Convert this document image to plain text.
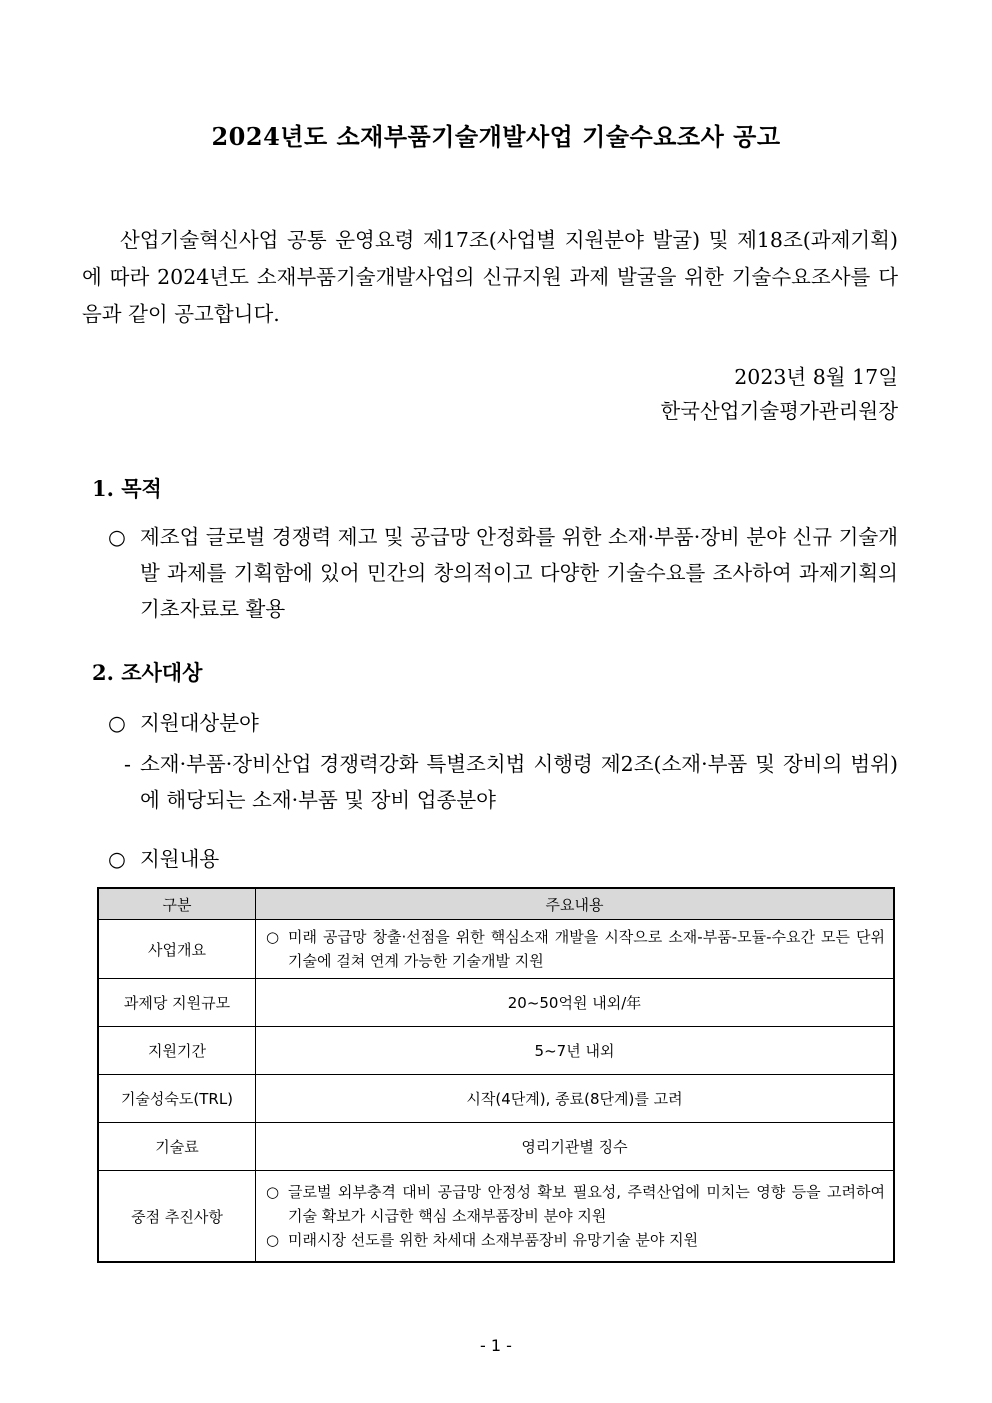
2024년도 소재부품기술개발사업 기술수요조사 공고
산업기술혁신사업 공통 운영요령 제17조(사업별 지원분야 발굴) 및 제18조(과제기획)에 따라 2024년도 소재부품기술개발사업의 신규지원 과제 발굴을 위한 기술수요조사를 다음과 같이 공고합니다.
2023년 8월 17일
한국산업기술평가관리원장
1. 목적
○ 제조업 글로벌 경쟁력 제고 및 공급망 안정화를 위한 소재·부품·장비 분야 신규 기술개발 과제를 기획함에 있어 민간의 창의적이고 다양한 기술수요를 조사하여 과제기획의 기초자료로 활용
2. 조사대상
○ 지원대상분야
- 소재·부품·장비산업 경쟁력강화 특별조치법 시행령 제2조(소재·부품 및 장비의 범위)에 해당되는 소재·부품 및 장비 업종분야
○ 지원내용
구분	주요내용
사업개요	○ 미래 공급망 창출·선점을 위한 핵심소재 개발을 시작으로 소재-부품-모듈-수요간 모든 단위기술에 걸쳐 연계 가능한 기술개발 지원

과제당 지원규모	20~50억원 내외/年
지원기간	5~7년 내외
기술성숙도(TRL)	시작(4단계), 종료(8단계)를 고려
기술료	영리기관별 징수
중점 추진사항	○ 글로벌 외부충격 대비 공급망 안정성 확보 필요성, 주력산업에 미치는 영향 등을 고려하여 기술 확보가 시급한 핵심 소재부품장비 분야 지원
○ 미래시장 선도를 위한 차세대 소재부품장비 유망기술 분야 지원
- 1 -
